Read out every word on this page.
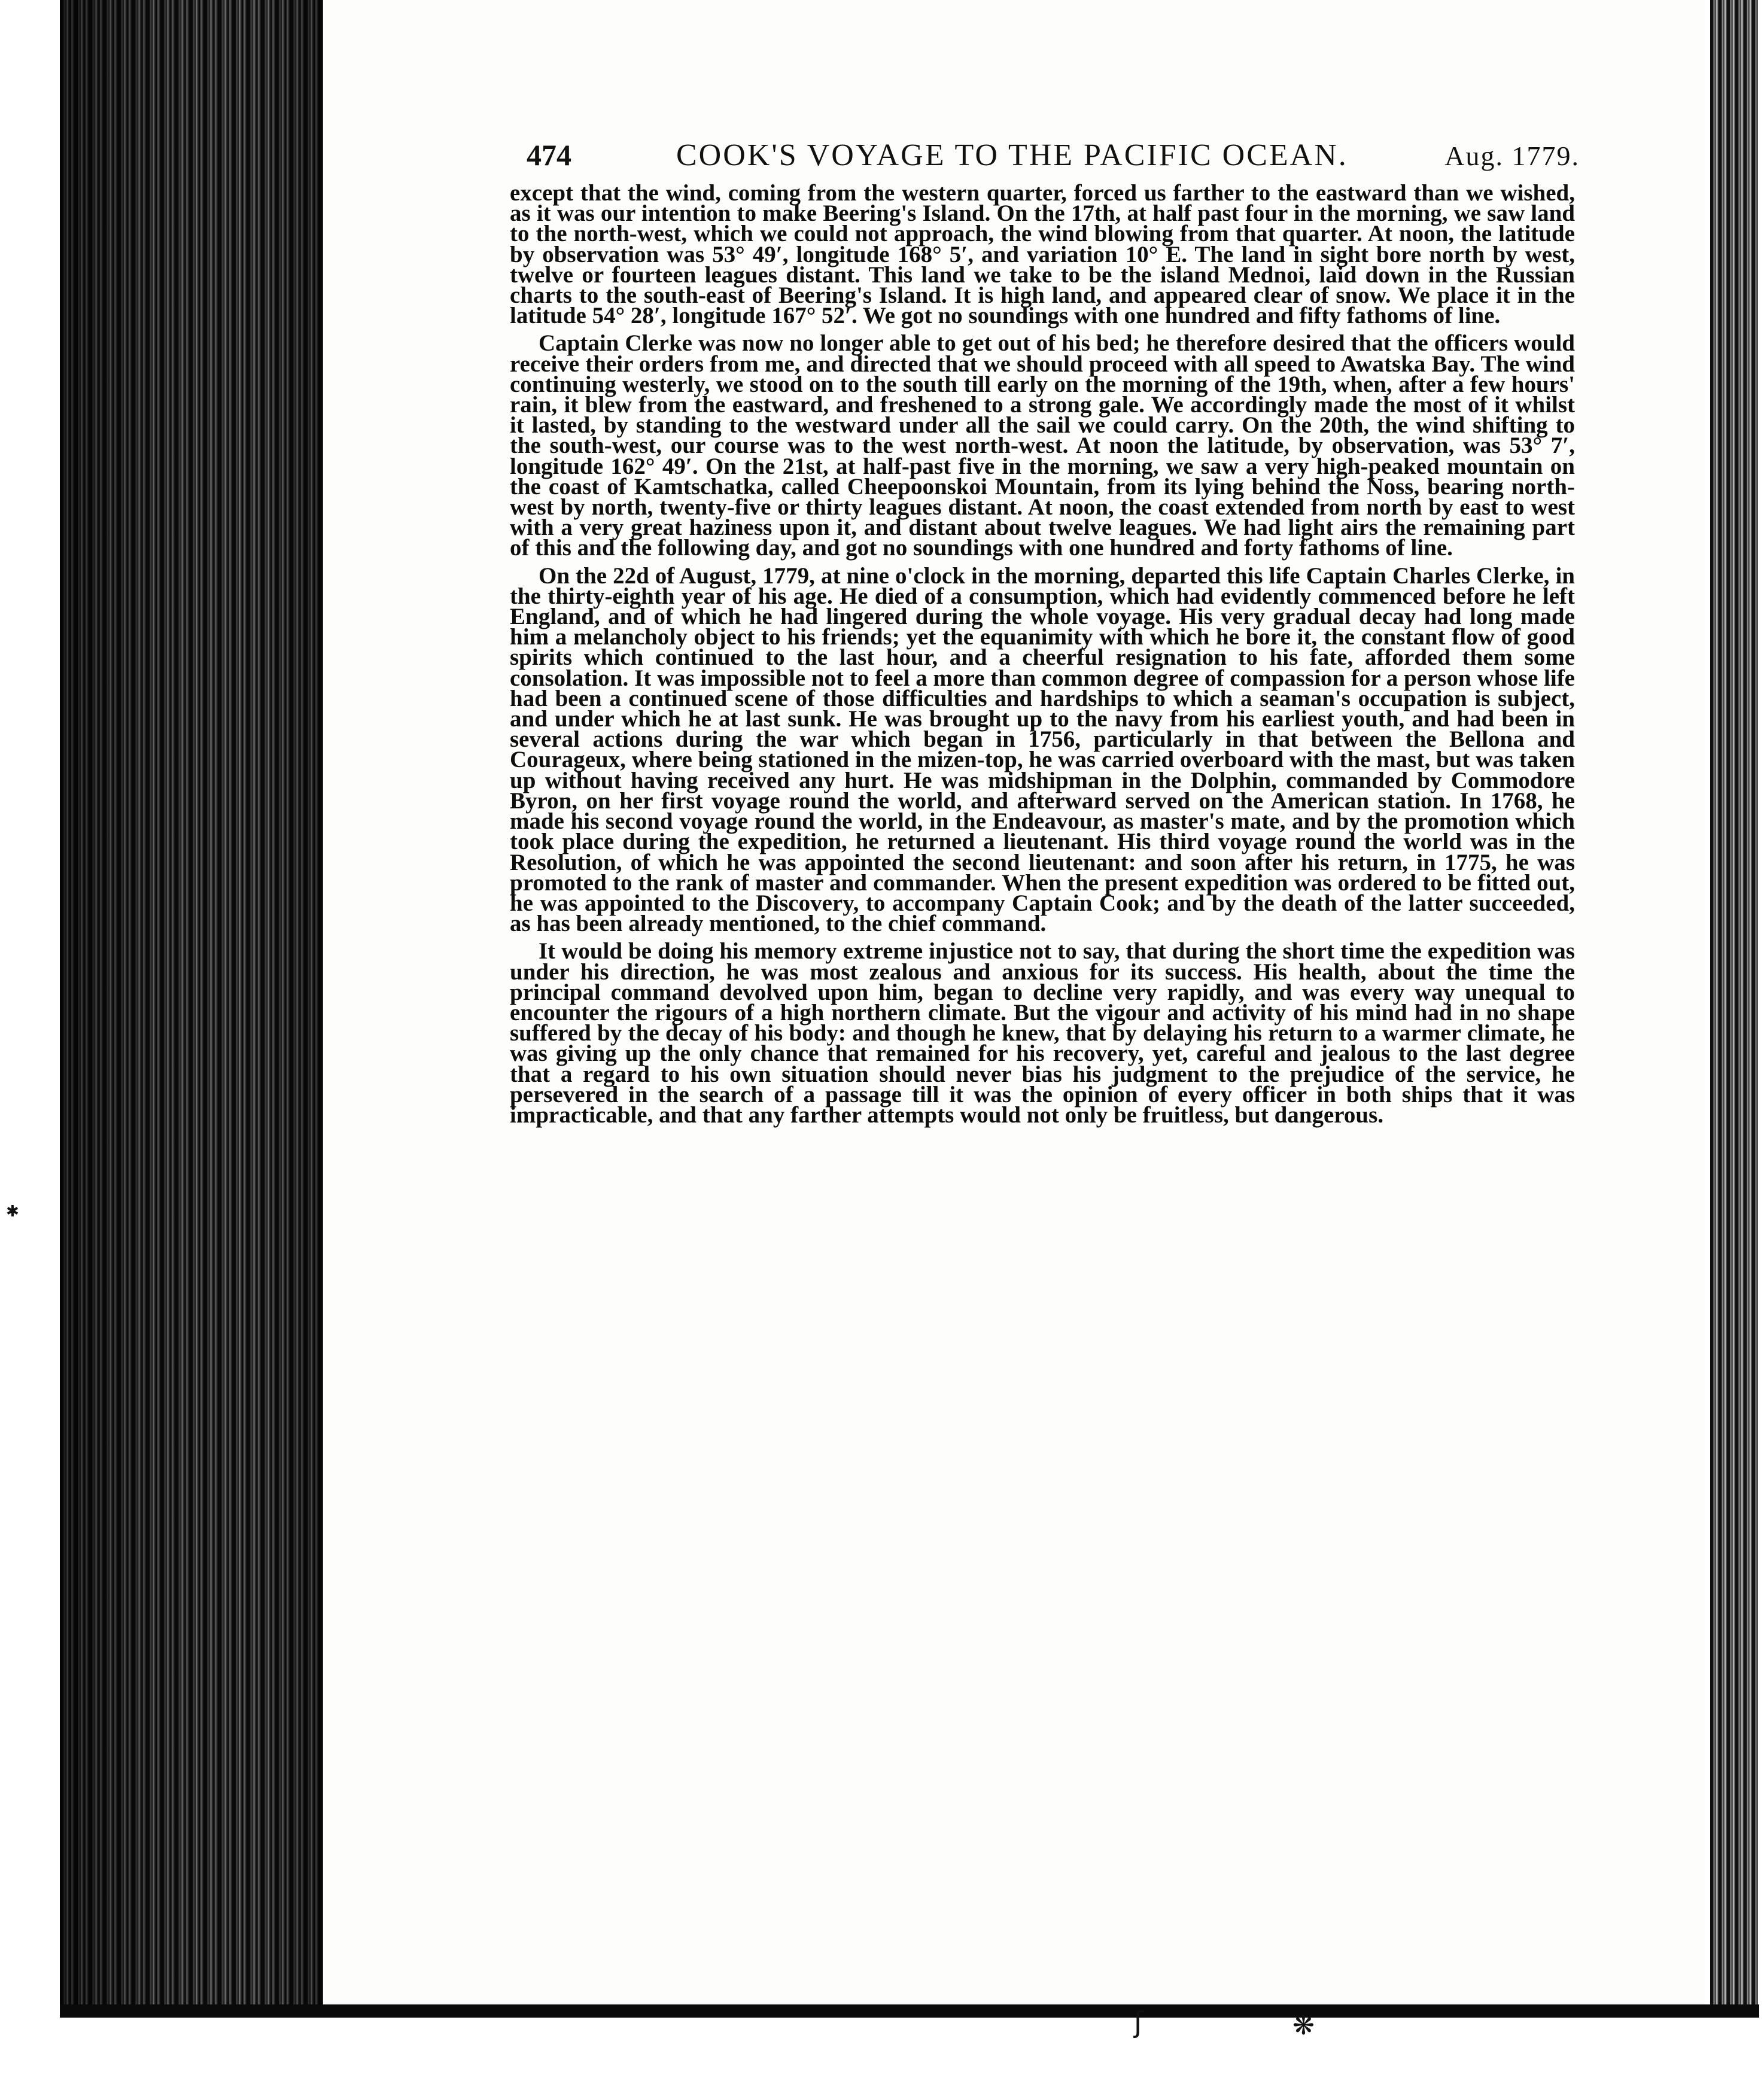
✱
ʃ	❋
474	COOK'S VOYAGE TO THE PACIFIC OCEAN.	Aug. 1779.

except that the wind, coming from the western quarter, forced us farther to the eastward than we wished, as it was our intention to make Beering's Island. On the 17th, at half past four in the morning, we saw land to the north-west, which we could not approach, the wind blowing from that quarter. At noon, the latitude by observation was 53° 49′, longitude 168° 5′, and variation 10° E. The land in sight bore north by west, twelve or fourteen leagues distant. This land we take to be the island Mednoi, laid down in the Russian charts to the south-east of Beering's Island. It is high land, and appeared clear of snow. We place it in the latitude 54° 28′, longitude 167° 52′. We got no soundings with one hundred and fifty fathoms of line.

Captain Clerke was now no longer able to get out of his bed; he therefore desired that the officers would receive their orders from me, and directed that we should proceed with all speed to Awatska Bay. The wind continuing westerly, we stood on to the south till early on the morning of the 19th, when, after a few hours' rain, it blew from the eastward, and freshened to a strong gale. We accordingly made the most of it whilst it lasted, by standing to the westward under all the sail we could carry. On the 20th, the wind shifting to the south-west, our course was to the west north-west. At noon the latitude, by observation, was 53° 7′, longitude 162° 49′. On the 21st, at half-past five in the morning, we saw a very high-peaked mountain on the coast of Kamtschatka, called Cheepoonskoi Mountain, from its lying behind the Noss, bearing north-west by north, twenty-five or thirty leagues distant. At noon, the coast extended from north by east to west with a very great haziness upon it, and distant about twelve leagues. We had light airs the remaining part of this and the following day, and got no soundings with one hundred and forty fathoms of line.

On the 22d of August, 1779, at nine o'clock in the morning, departed this life Captain Charles Clerke, in the thirty-eighth year of his age. He died of a consumption, which had evidently commenced before he left England, and of which he had lingered during the whole voyage. His very gradual decay had long made him a melancholy object to his friends; yet the equanimity with which he bore it, the constant flow of good spirits which continued to the last hour, and a cheerful resignation to his fate, afforded them some consolation. It was impossible not to feel a more than common degree of compassion for a person whose life had been a continued scene of those difficulties and hardships to which a seaman's occupation is subject, and under which he at last sunk. He was brought up to the navy from his earliest youth, and had been in several actions during the war which began in 1756, particularly in that between the Bellona and Courageux, where being stationed in the mizen-top, he was carried overboard with the mast, but was taken up without having received any hurt. He was midshipman in the Dolphin, commanded by Commodore Byron, on her first voyage round the world, and afterward served on the American station. In 1768, he made his second voyage round the world, in the Endeavour, as master's mate, and by the promotion which took place during the expedition, he returned a lieutenant. His third voyage round the world was in the Resolution, of which he was appointed the second lieutenant: and soon after his return, in 1775, he was promoted to the rank of master and commander. When the present expedition was ordered to be fitted out, he was appointed to the Discovery, to accompany Captain Cook; and by the death of the latter succeeded, as has been already mentioned, to the chief command.

It would be doing his memory extreme injustice not to say, that during the short time the expedition was under his direction, he was most zealous and anxious for its success. His health, about the time the principal command devolved upon him, began to decline very rapidly, and was every way unequal to encounter the rigours of a high northern climate. But the vigour and activity of his mind had in no shape suffered by the decay of his body: and though he knew, that by delaying his return to a warmer climate, he was giving up the only chance that remained for his recovery, yet, careful and jealous to the last degree that a regard to his own situation should never bias his judgment to the prejudice of the service, he persevered in the search of a passage till it was the opinion of every officer in both ships that it was impracticable, and that any farther attempts would not only be fruitless, but dangerous.
